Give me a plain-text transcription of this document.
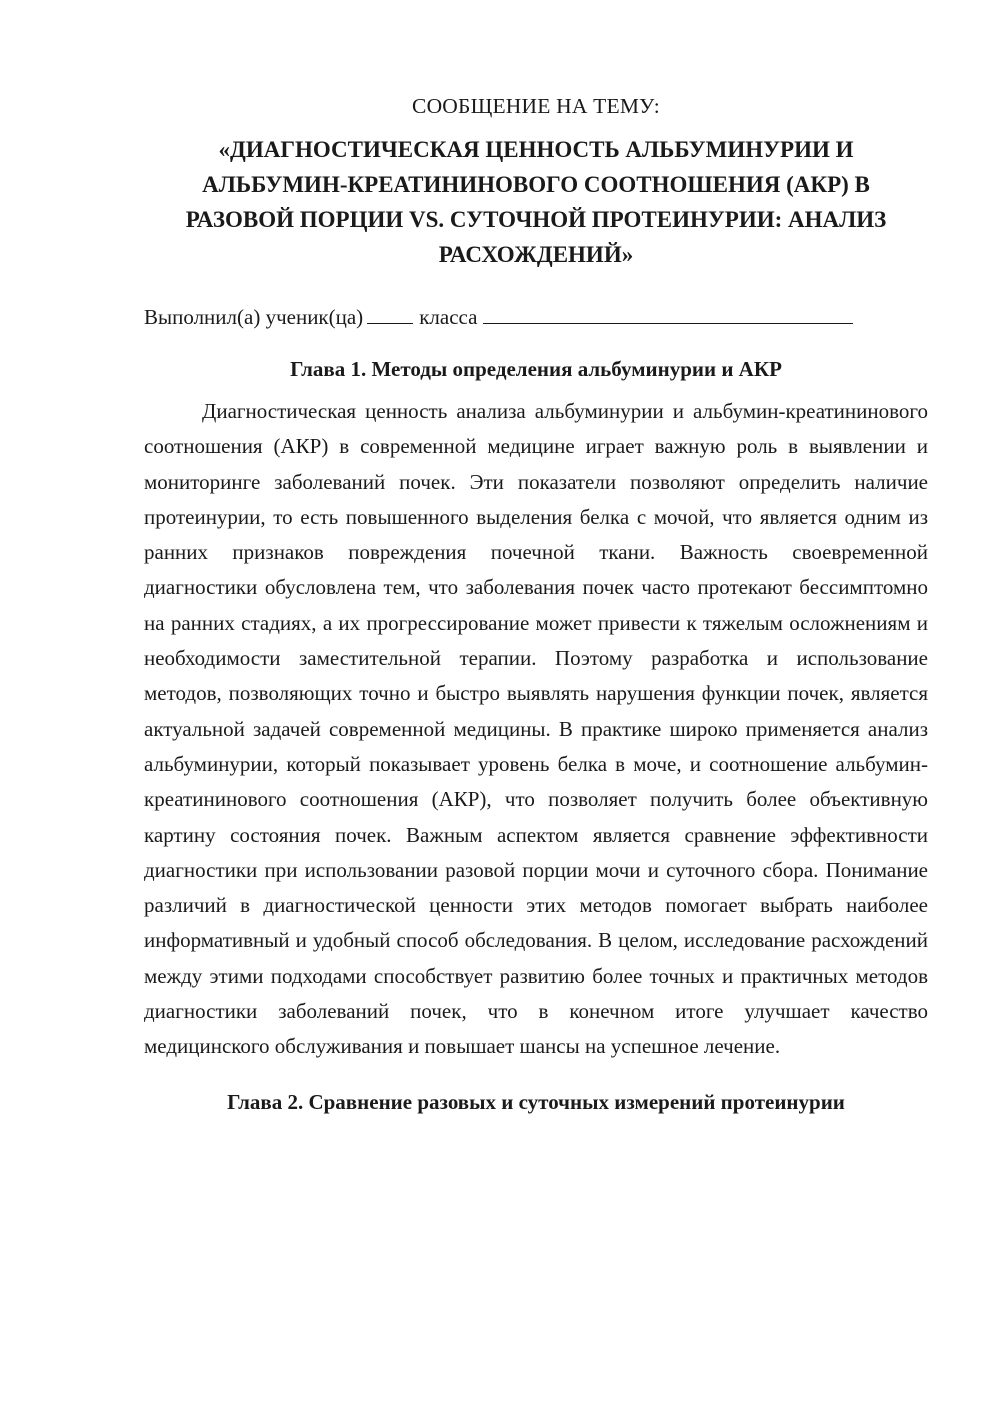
СООБЩЕНИЕ НА ТЕМУ:

«ДИАГНОСТИЧЕСКАЯ ЦЕННОСТЬ АЛЬБУМИНУРИИ И
АЛЬБУМИН-КРЕАТИНИНОВОГО СООТНОШЕНИЯ (АКР) В
РАЗОВОЙ ПОРЦИИ VS. СУТОЧНОЙ ПРОТЕИНУРИИ: АНАЛИЗ
РАСХОЖДЕНИЙ»

Выполнил(а) ученик(ца)	класса

Глава 1. Методы определения альбуминурии и АКР

Диагностическая ценность анализа альбуминурии и альбумин-креатининового соотношения (АКР) в современной медицине играет важную роль в выявлении и мониторинге заболеваний почек. Эти показатели позволяют определить наличие протеинурии, то есть повышенного выделения белка с мочой, что является одним из ранних признаков повреждения почечной ткани. Важность своевременной диагностики обусловлена тем, что заболевания почек часто протекают бессимптомно на ранних стадиях, а их прогрессирование может привести к тяжелым осложнениям и необходимости заместительной терапии. Поэтому разработка и использование методов, позволяющих точно и быстро выявлять нарушения функции почек, является актуальной задачей современной медицины. В практике широко применяется анализ альбуминурии, который показывает уровень белка в моче, и соотношение альбумин-креатининового соотношения (АКР), что позволяет получить более объективную картину состояния почек. Важным аспектом является сравнение эффективности диагностики при использовании разовой порции мочи и суточного сбора. Понимание различий в диагностической ценности этих методов помогает выбрать наиболее информативный и удобный способ обследования. В целом, исследование расхождений между этими подходами способствует развитию более точных и практичных методов диагностики заболеваний почек, что в конечном итоге улучшает качество медицинского обслуживания и повышает шансы на успешное лечение.

Глава 2. Сравнение разовых и суточных измерений протеинурии
